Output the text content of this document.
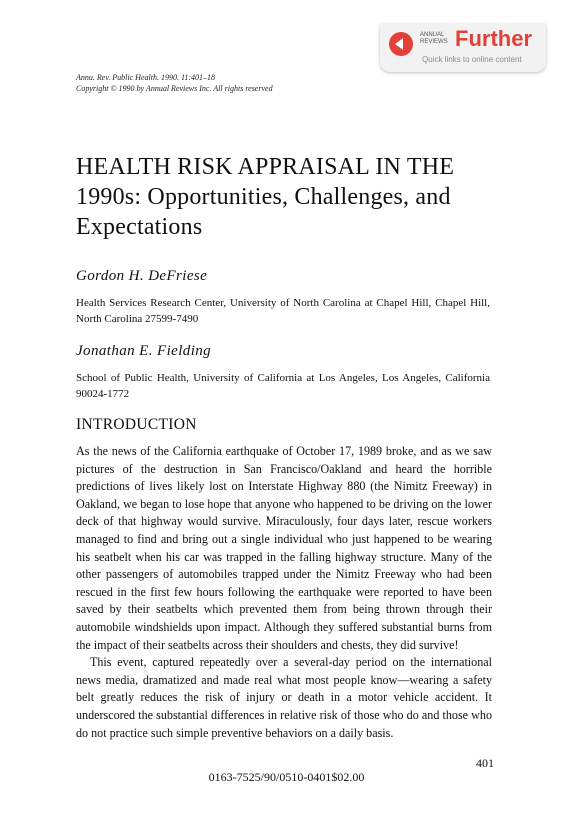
ANNUAL
REVIEWS Further
Quick links to online content
Annu. Rev. Public Health. 1990. 11:401–18
Copyright © 1990 by Annual Reviews Inc. All rights reserved
HEALTH RISK APPRAISAL IN THE 1990s: Opportunities, Challenges, and Expectations
Gordon H. DeFriese
Health Services Research Center, University of North Carolina at Chapel Hill, Chapel Hill, North Carolina 27599-7490
Jonathan E. Fielding
School of Public Health, University of California at Los Angeles, Los Angeles, California 90024-1772
INTRODUCTION

As the news of the California earthquake of October 17, 1989 broke, and as we saw pictures of the destruction in San Francisco/Oakland and heard the horrible predictions of lives likely lost on Interstate Highway 880 (the Nimitz Freeway) in Oakland, we began to lose hope that anyone who happened to be driving on the lower deck of that highway would survive. Miraculously, four days later, rescue workers managed to find and bring out a single individual who just happened to be wearing his seatbelt when his car was trapped in the falling highway structure. Many of the other passengers of automobiles trapped under the Nimitz Freeway who had been rescued in the first few hours following the earthquake were reported to have been saved by their seatbelts which prevented them from being thrown through their automobile windshields upon impact. Although they suffered substantial burns from the impact of their seatbelts across their shoulders and chests, they did survive!

This event, captured repeatedly over a several-day period on the international news media, dramatized and made real what most people know—wearing a safety belt greatly reduces the risk of injury or death in a motor vehicle accident. It underscored the substantial differences in relative risk of those who do and those who do not practice such simple preventive behaviors on a daily basis.

401
0163-7525/90/0510-0401$02.00
